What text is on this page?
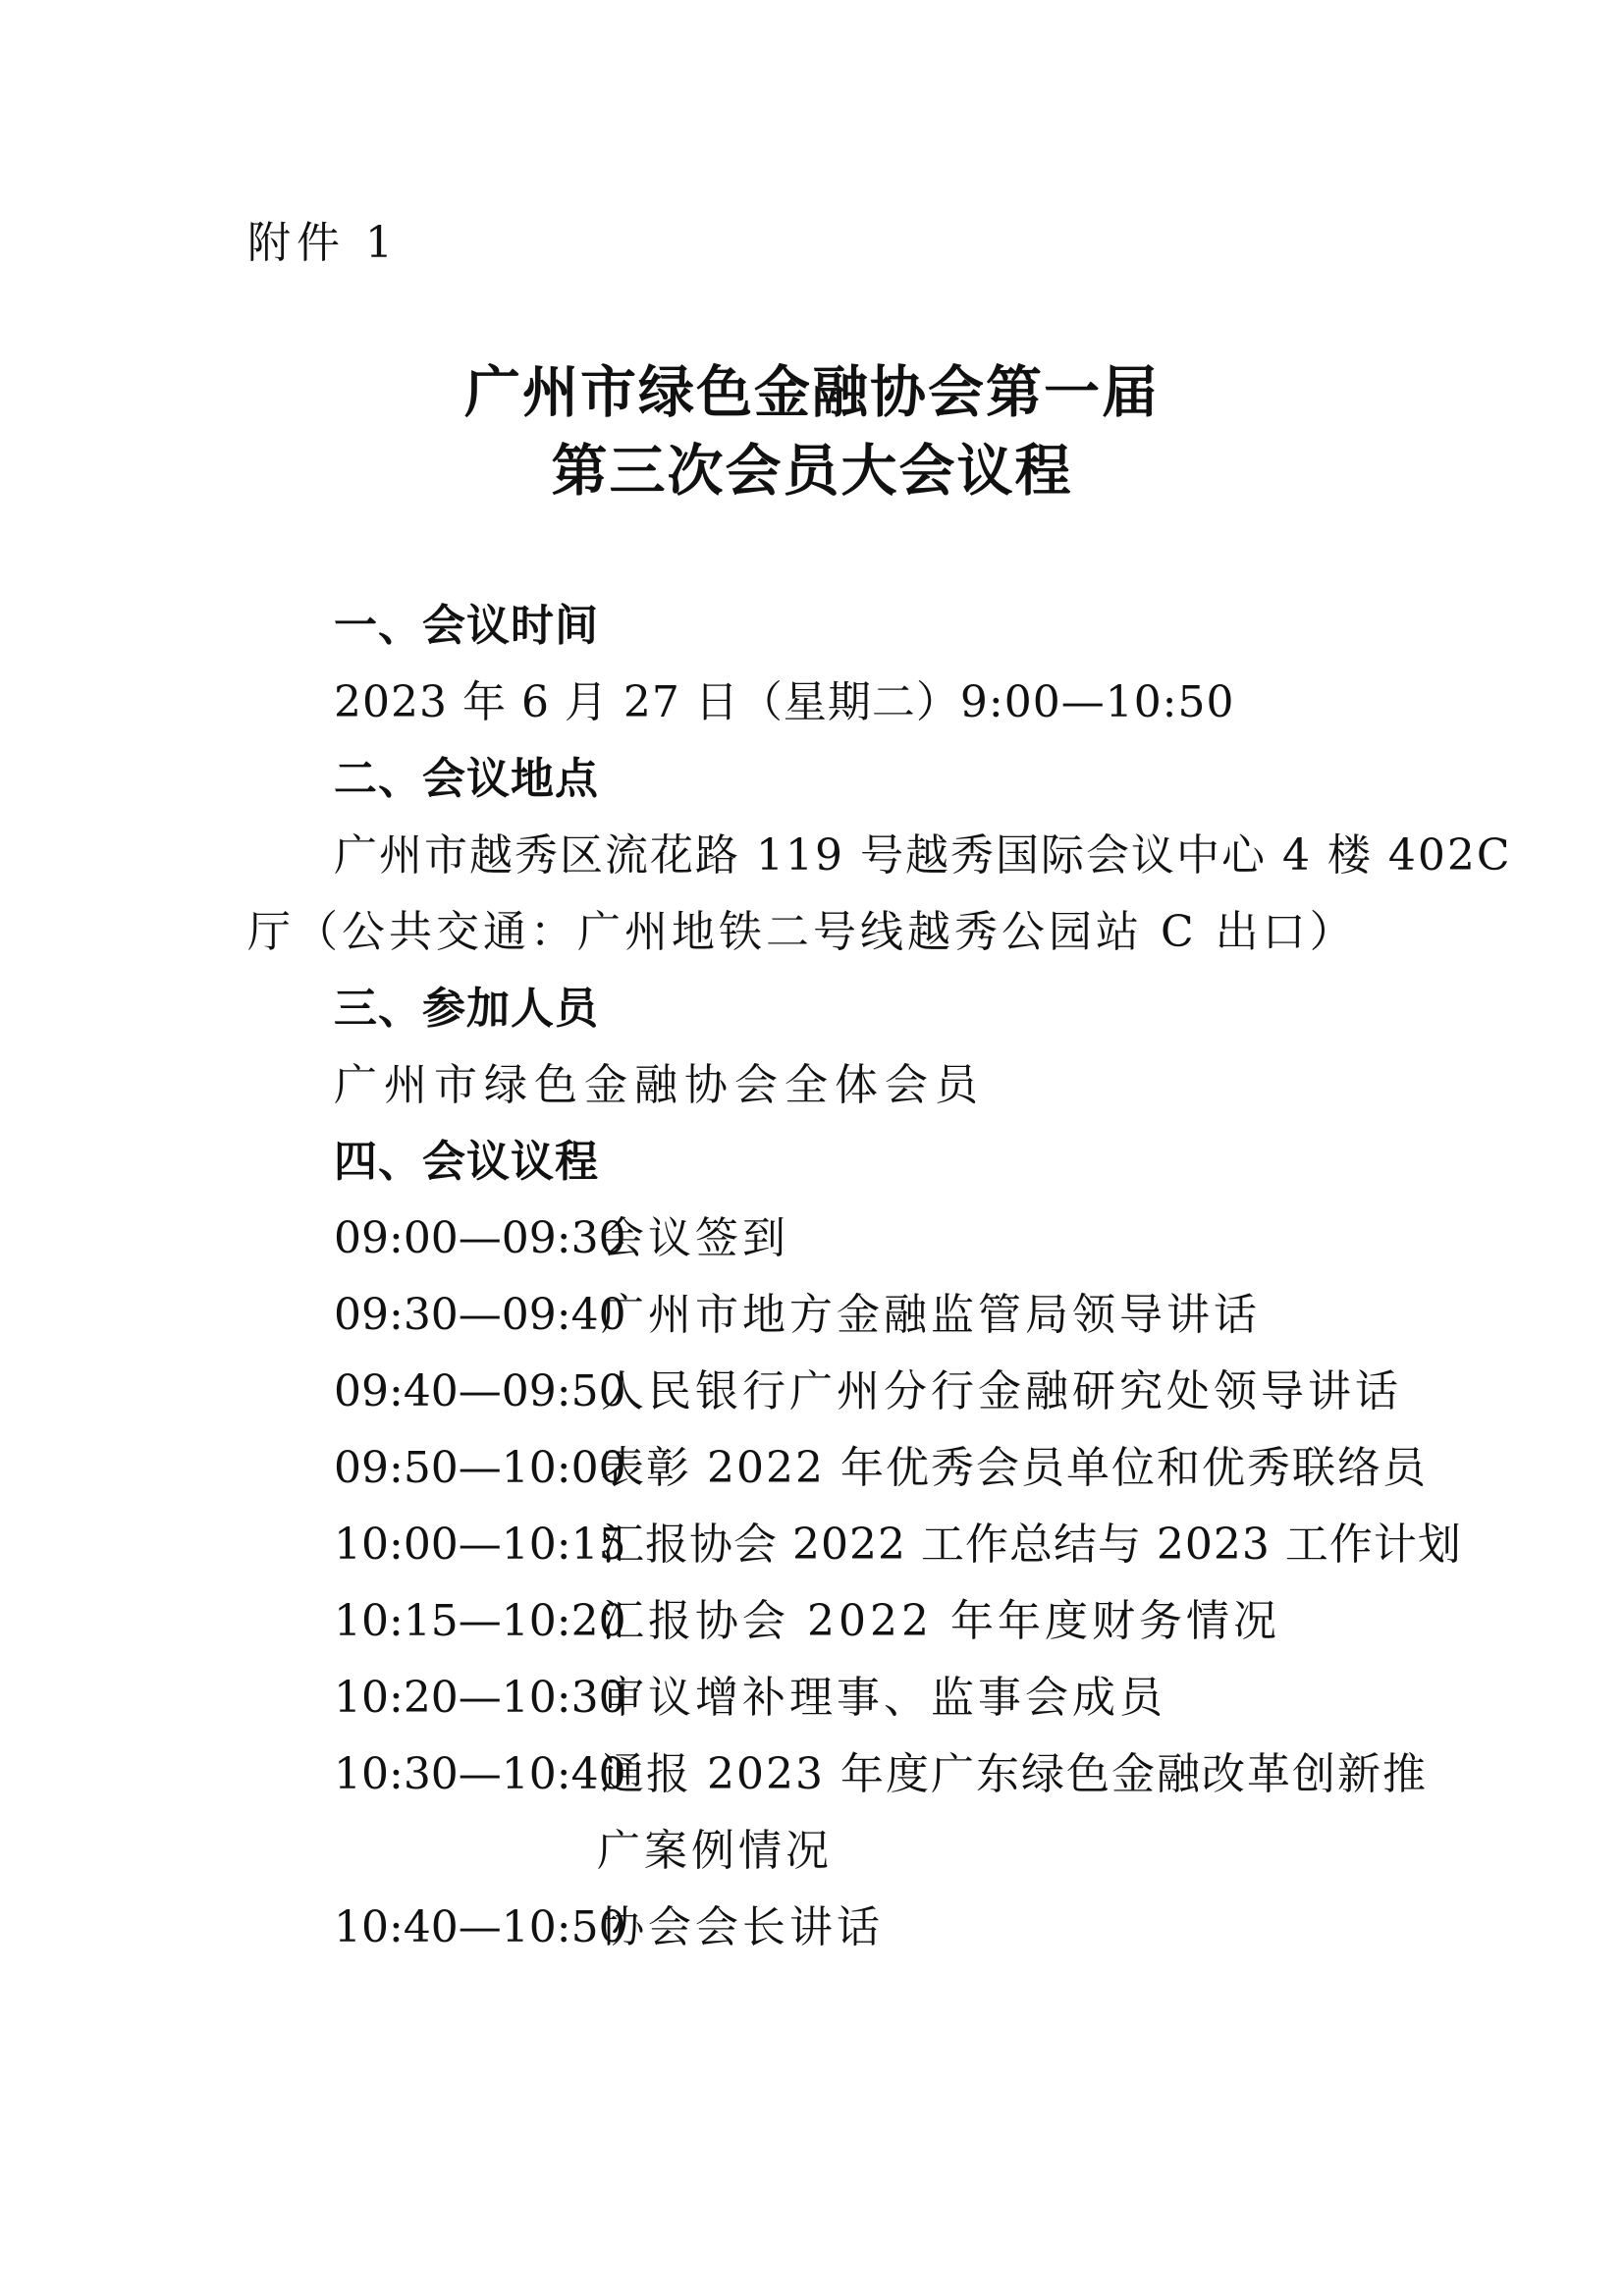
附件 1
广州市绿色金融协会第一届
第三次会员大会议程
一、会议时间
2023 年 6 月 27 日（星期二）9:00—10:50
二、会议地点
广州市越秀区流花路 119 号越秀国际会议中心 4 楼 402C
厅（公共交通：广州地铁二号线越秀公园站 C 出口）
三、参加人员
广州市绿色金融协会全体会员
四、会议议程
09:00—09:30
会议签到
09:30—09:40
广州市地方金融监管局领导讲话
09:40—09:50
人民银行广州分行金融研究处领导讲话
09:50—10:00
表彰 2022 年优秀会员单位和优秀联络员
10:00—10:15
汇报协会 2022 工作总结与 2023 工作计划
10:15—10:20
汇报协会 2022 年年度财务情况
10:20—10:30
审议增补理事、监事会成员
10:30—10:40
通报 2023 年度广东绿色金融改革创新推
广案例情况
10:40—10:50
协会会长讲话
